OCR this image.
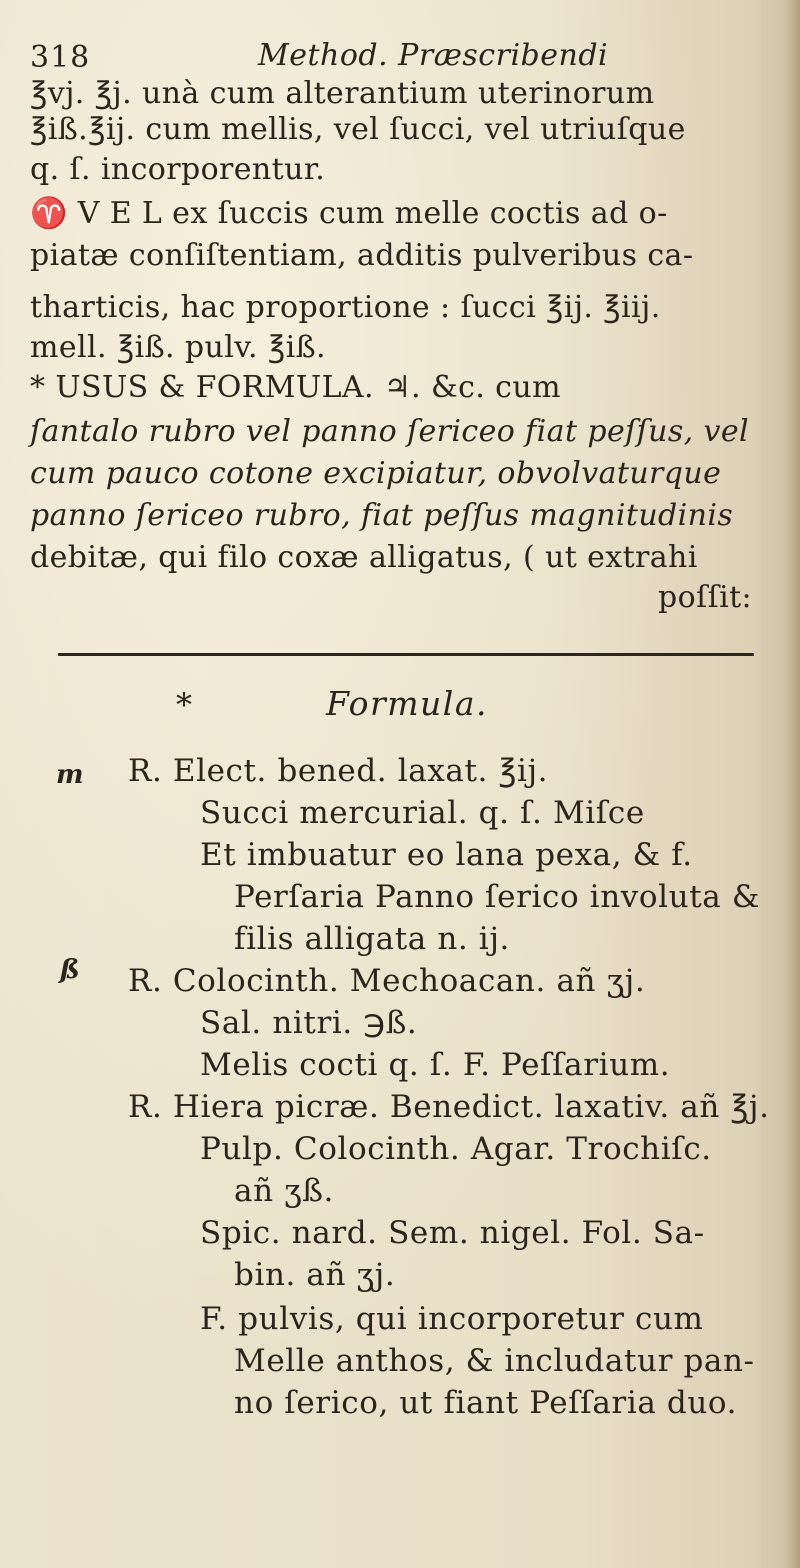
318	Method. Præscribendi
℥vj. ℥j. unà cum alterantium uterinorum
℥iß.℥ij. cum mellis, vel ſucci, vel utriuſque
q. ſ. incorporentur.
♈ V E L ex ſuccis cum melle coctis ad o-
piatæ conſiſtentiam, additis pulveribus ca-
tharticis, hac proportione : ſucci ℥ij. ℥iij.
mell. ℥iß. pulv. ℥iß.
* USUS & FORMULA. ♃. &c. cum
ſantalo rubro vel panno ſericeo fiat peſſus, vel
cum pauco cotone excipiatur, obvolvaturque
panno ſericeo rubro, fiat peſſus magnitudinis
debitæ, qui filo coxæ alligatus, ( ut extrahi
poſſit:
*	Formula.
m
ß
R. Elect. bened. laxat. ℥ij.
Succi mercurial. q. ſ. Miſce
Et imbuatur eo lana pexa, & f.
Perſaria Panno ſerico involuta &
filis alligata n. ij.
R. Colocinth. Mechoacan. añ ʒj.
Sal. nitri. ℈ß.
Melis cocti q. ſ. F. Peſſarium.
R. Hiera picræ. Benedict. laxativ. añ ℥j.
Pulp. Colocinth. Agar. Trochiſc.
añ ʒß.
Spic. nard. Sem. nigel. Fol. Sa-
bin. añ ʒj.
F. pulvis, qui incorporetur cum
Melle anthos, & includatur pan-
no ſerico, ut fiant Peſſaria duo.
